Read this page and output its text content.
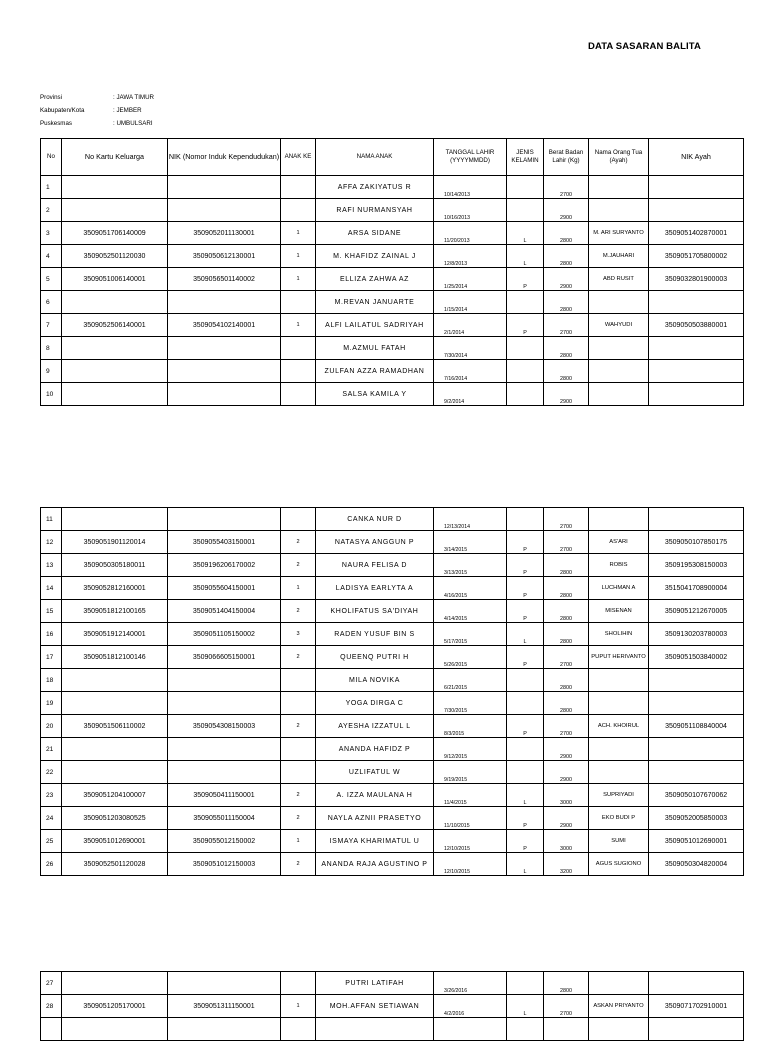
DATA SASARAN BALITA
Provinsi	: JAWA TIMUR
Kabupaten/Kota	: JEMBER
Puskesmas	: UMBULSARI
No	No Kartu Keluarga	NIK (Nomor Induk Kependudukan)	ANAK KE	NAMA ANAK	TANGGAL LAHIR (YYYYMMDD)	JENIS KELAMIN	Berat Badan Lahir (Kg)	Nama Orang Tua (Ayah)	NIK Ayah
1				AFFA ZAKIYATUS R	10/14/2013		2700		
2				RAFI NURMANSYAH	10/16/2013		2900		
3	3509051706140009	3509052011130001	1	ARSA SIDANE	11/20/2013	L	2800	M. ARI SURYANTO	3509051402870001
4	3509052501120030	3509050612130001	1	M. KHAFIDZ ZAINAL J	12/8/2013	L	2800	M.JAUHARI	3509051705800002
5	3509051006140001	3509056501140002	1	ELLIZA ZAHWA AZ	1/25/2014	P	2900	ABD RUSIT	3509032801900003
6				M.REVAN JANUARTE	1/15/2014		2800		
7	3509052506140001	3509054102140001	1	ALFI LAILATUL SADRIYAH	2/1/2014	P	2700	WAHYUDI	3509050503880001
8				M.AZMUL FATAH	7/30/2014		2800		
9				ZULFAN AZZA RAMADHAN	7/16/2014		2800		
10				SALSA KAMILA Y	9/2/2014		2900		
11				CANKA NUR D	12/13/2014		2700		
12	3509051901120014	3509055403150001	2	NATASYA ANGGUN P	3/14/2015	P	2700	AS'ARI	3509050107850175
13	3509050305180011	3509196206170002	2	NAURA FELISA D	3/13/2015	P	2800	ROBIS	3509195308150003
14	3509052812160001	3509055604150001	1	LADISYA EARLYTA A	4/16/2015	P	2800	LUCHMAN A	3515041708900004
15	3509051812100165	3509051404150004	2	KHOLIFATUS SA'DIYAH	4/14/2015	P	2800	MISENAN	3509051212670005
16	3509051912140001	3509051105150002	3	RADEN YUSUF BIN S	5/17/2015	L	2800	SHOLIHIN	3509130203780003
17	3509051812100146	3509066605150001	2	QUEENQ PUTRI H	5/26/2015	P	2700	PUPUT HERIVANTO	3509051503840002
18				MILA NOVIKA	6/21/2015		2800		
19				YOGA DIRGA C	7/30/2015		2800		
20	3509051506110002	3509054308150003	2	AYESHA IZZATUL L	8/3/2015	P	2700	ACH. KHOIRUL	3509051108840004
21				ANANDA HAFIDZ P	9/12/2015		2900		
22				UZLIFATUL W	9/19/2015		2900		
23	3509051204100007	3509050411150001	2	A. IZZA MAULANA H	11/4/2015	L	3000	SUPRIYADI	3509050107670062
24	3509051203080525	3509055011150004	2	NAYLA AZNII PRASETYO	11/10/2015	P	2900	EKO BUDI P	3509052005850003
25	3509051012690001	3509055012150002	1	ISMAYA KHARIMATUL U	12/10/2015	P	3000	SUMI	3509051012690001
26	3509052501120028	3509051012150003	2	ANANDA RAJA AGUSTINO P	12/10/2015	L	3200	AGUS SUGIONO	3509050304820004
27				PUTRI LATIFAH	3/26/2016		2800		
28	3509051205170001	3509051311150001	1	MOH.AFFAN SETIAWAN	4/2/2016	L	2700	ASKAN PRIYANTO	3509071702910001
